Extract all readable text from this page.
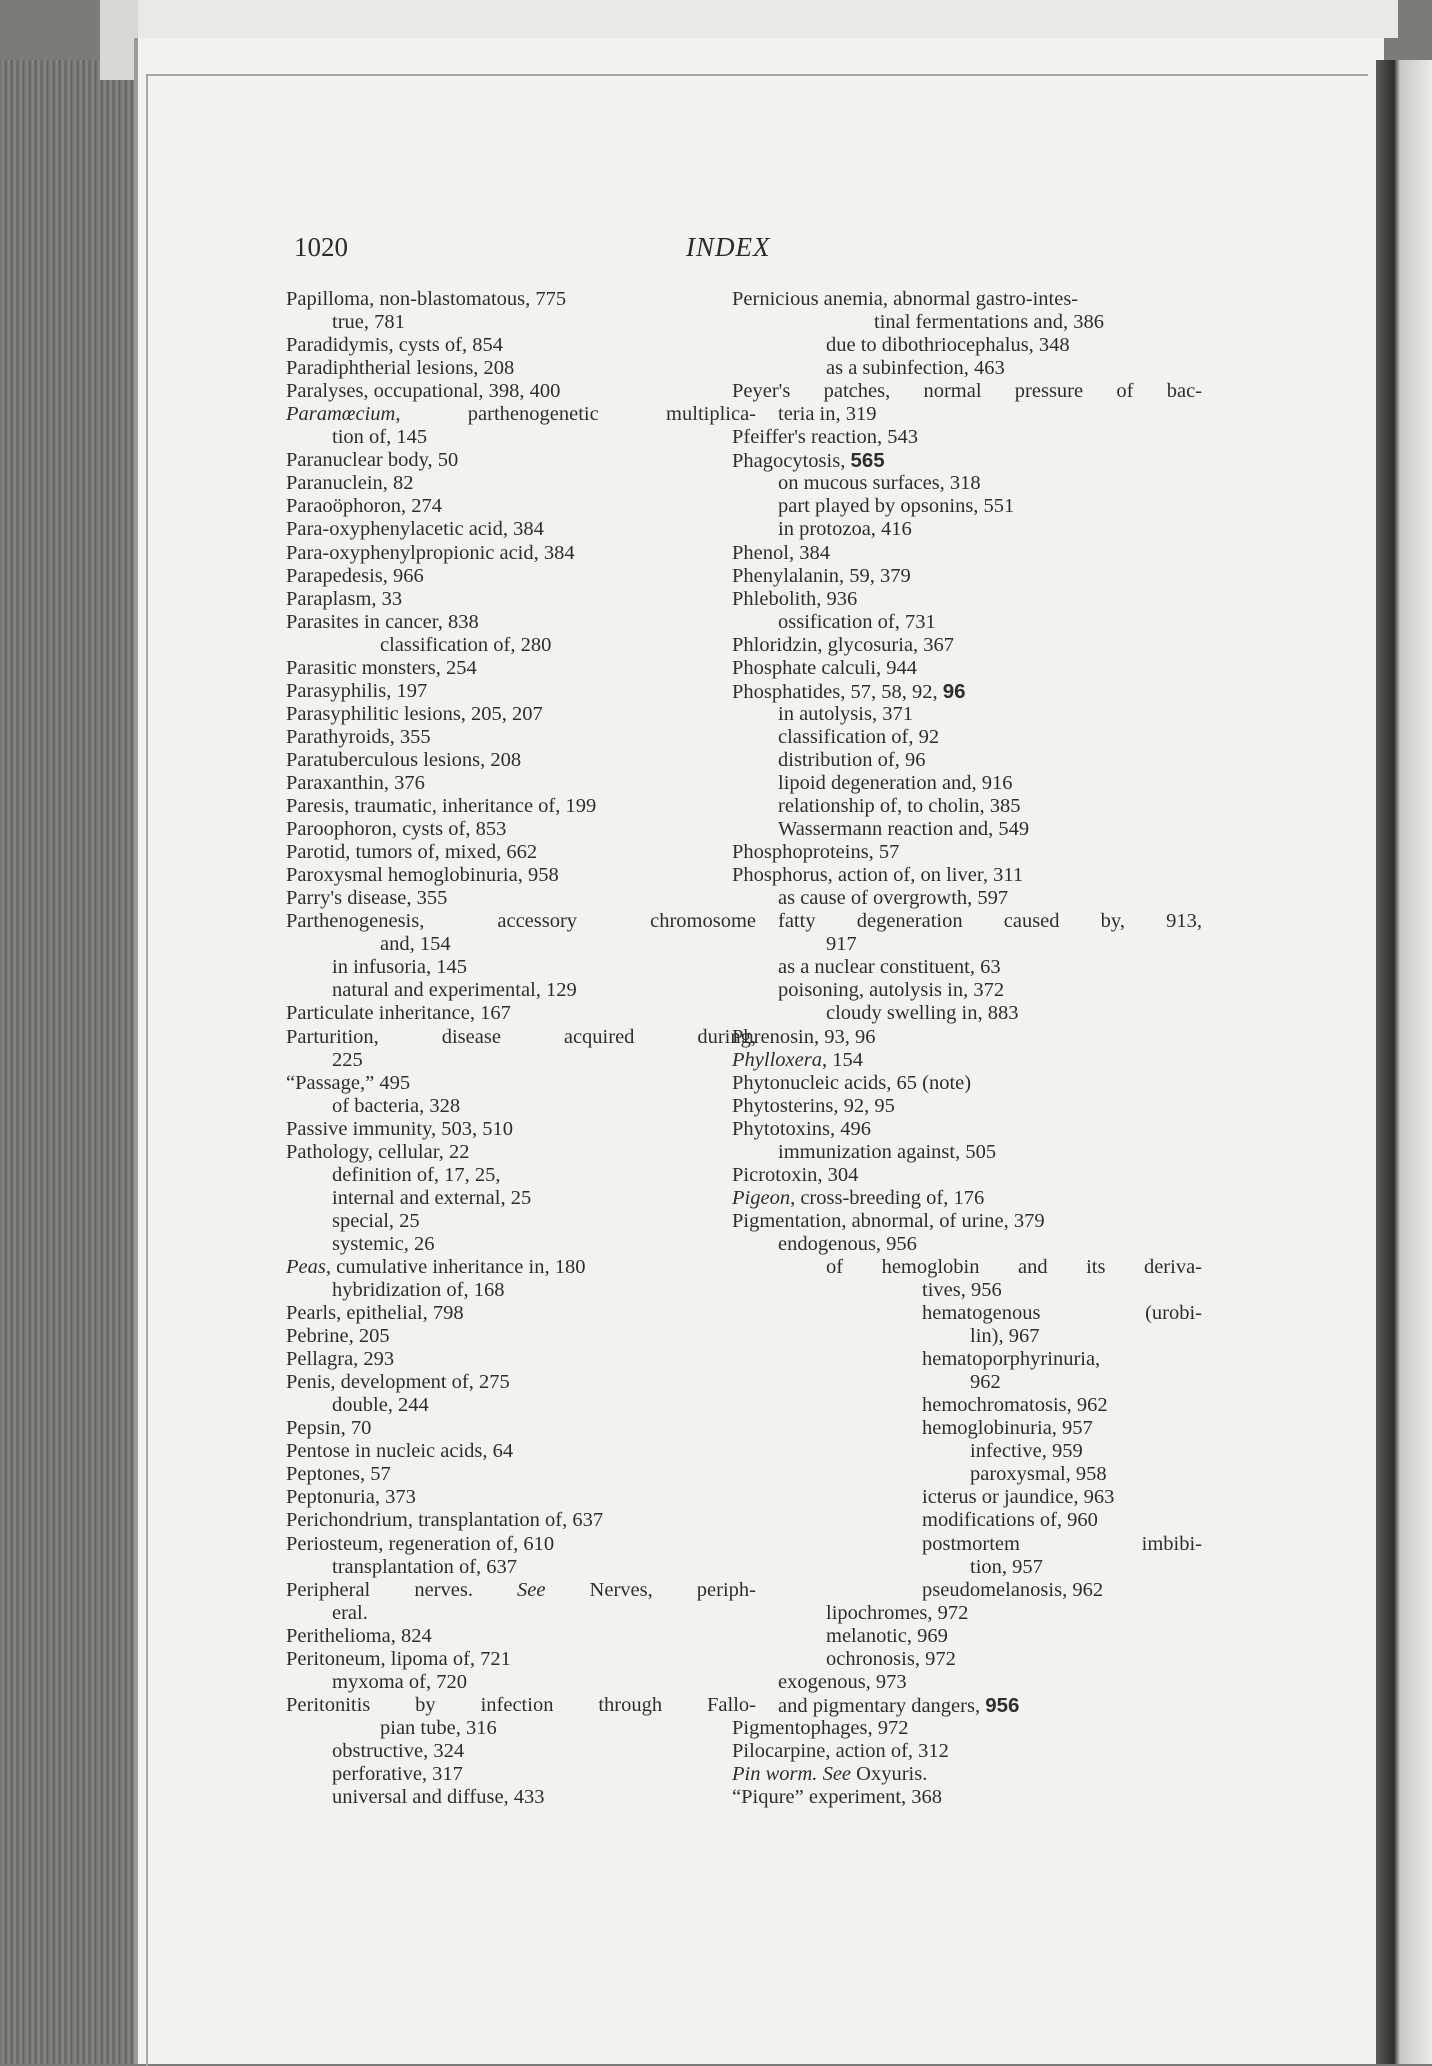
1020	INDEX
Papilloma, non-blastomatous, 775
true, 781
Paradidymis, cysts of, 854
Paradiphtherial lesions, 208
Paralyses, occupational, 398, 400
Paramœcium, parthenogenetic multiplica-
tion of, 145
Paranuclear body, 50
Paranuclein, 82
Paraoöphoron, 274
Para-oxyphenylacetic acid, 384
Para-oxyphenylpropionic acid, 384
Parapedesis, 966
Paraplasm, 33
Parasites in cancer, 838
classification of, 280
Parasitic monsters, 254
Parasyphilis, 197
Parasyphilitic lesions, 205, 207
Parathyroids, 355
Paratuberculous lesions, 208
Paraxanthin, 376
Paresis, traumatic, inheritance of, 199
Paroophoron, cysts of, 853
Parotid, tumors of, mixed, 662
Paroxysmal hemoglobinuria, 958
Parry's disease, 355
Parthenogenesis, accessory chromosome
and, 154
in infusoria, 145
natural and experimental, 129
Particulate inheritance, 167
Parturition, disease acquired during,
225
“Passage,” 495
of bacteria, 328
Passive immunity, 503, 510
Pathology, cellular, 22
definition of, 17, 25,
internal and external, 25
special, 25
systemic, 26
Peas, cumulative inheritance in, 180
hybridization of, 168
Pearls, epithelial, 798
Pebrine, 205
Pellagra, 293
Penis, development of, 275
double, 244
Pepsin, 70
Pentose in nucleic acids, 64
Peptones, 57
Peptonuria, 373
Perichondrium, transplantation of, 637
Periosteum, regeneration of, 610
transplantation of, 637
Peripheral nerves. See Nerves, periph-
eral.
Perithelioma, 824
Peritoneum, lipoma of, 721
myxoma of, 720
Peritonitis by infection through Fallo-
pian tube, 316
obstructive, 324
perforative, 317
universal and diffuse, 433
Pernicious anemia, abnormal gastro-intes-
tinal fermentations and, 386
due to dibothriocephalus, 348
as a subinfection, 463
Peyer's patches, normal pressure of bac-
teria in, 319
Pfeiffer's reaction, 543
Phagocytosis, 565
on mucous surfaces, 318
part played by opsonins, 551
in protozoa, 416
Phenol, 384
Phenylalanin, 59, 379
Phlebolith, 936
ossification of, 731
Phloridzin, glycosuria, 367
Phosphate calculi, 944
Phosphatides, 57, 58, 92, 96
in autolysis, 371
classification of, 92
distribution of, 96
lipoid degeneration and, 916
relationship of, to cholin, 385
Wassermann reaction and, 549
Phosphoproteins, 57
Phosphorus, action of, on liver, 311
as cause of overgrowth, 597
fatty degeneration caused by, 913,
917
as a nuclear constituent, 63
poisoning, autolysis in, 372
cloudy swelling in, 883
Phrenosin, 93, 96
Phylloxera, 154
Phytonucleic acids, 65 (note)
Phytosterins, 92, 95
Phytotoxins, 496
immunization against, 505
Picrotoxin, 304
Pigeon, cross-breeding of, 176
Pigmentation, abnormal, of urine, 379
endogenous, 956
of hemoglobin and its deriva-
tives, 956
hematogenous (urobi-
lin), 967
hematoporphyrinuria,
962
hemochromatosis, 962
hemoglobinuria, 957
infective, 959
paroxysmal, 958
icterus or jaundice, 963
modifications of, 960
postmortem imbibi-
tion, 957
pseudomelanosis, 962
lipochromes, 972
melanotic, 969
ochronosis, 972
exogenous, 973
and pigmentary dangers, 956
Pigmentophages, 972
Pilocarpine, action of, 312
Pin worm. See Oxyuris.
“Piqure” experiment, 368
